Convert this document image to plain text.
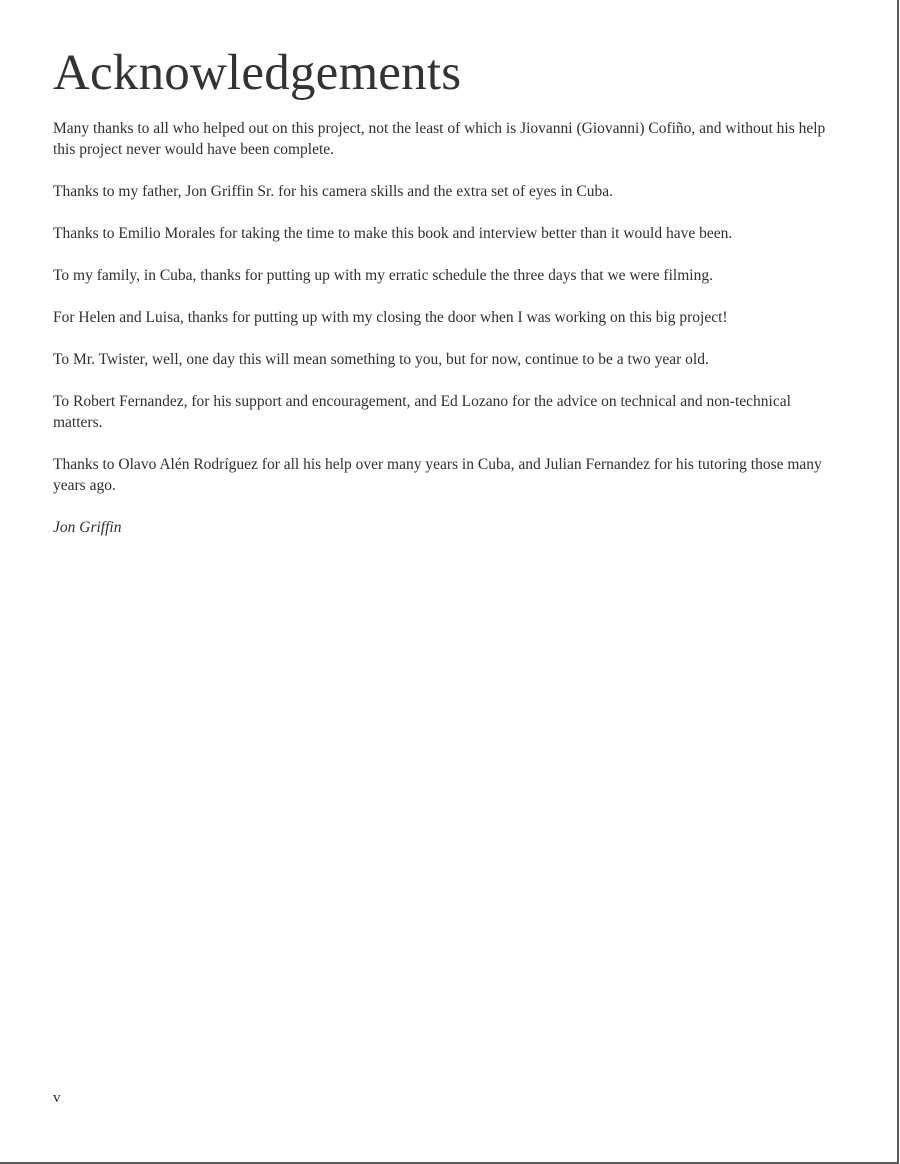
Acknowledgements

Many thanks to all who helped out on this project, not the least of which is Jiovanni (Giovanni) Cofiño, and without his help this project never would have been complete.

Thanks to my father, Jon Griffin Sr. for his camera skills and the extra set of eyes in Cuba.

Thanks to Emilio Morales for taking the time to make this book and interview better than it would have been.

To my family, in Cuba, thanks for putting up with my erratic schedule the three days that we were filming.

For Helen and Luisa, thanks for putting up with my closing the door when I was working on this big project!

To Mr. Twister, well, one day this will mean something to you, but for now, continue to be a two year old.

To Robert Fernandez, for his support and encouragement, and Ed Lozano for the advice on technical and non-technical matters.

Thanks to Olavo Alén Rodríguez for all his help over many years in Cuba, and Julian Fernandez for his tutoring those many years ago.

Jon Griffin

v
